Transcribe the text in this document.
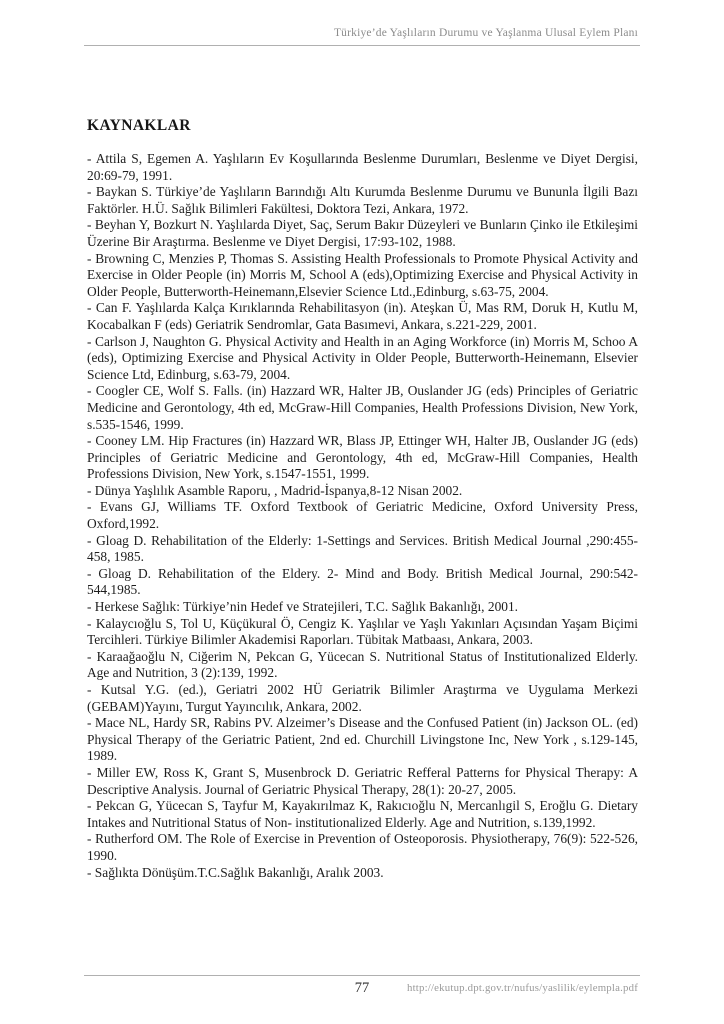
Türkiye’de Yaşlıların Durumu ve Yaşlanma Ulusal Eylem Planı
KAYNAKLAR

- Attila S, Egemen A. Yaşlıların Ev Koşullarında Beslenme Durumları, Beslenme ve Diyet Dergisi, 20:69-79, 1991.

- Baykan S. Türkiye’de Yaşlıların Barındığı Altı Kurumda Beslenme Durumu ve Bununla İlgili Bazı Faktörler. H.Ü. Sağlık Bilimleri Fakültesi, Doktora Tezi, Ankara, 1972.

- Beyhan Y, Bozkurt N. Yaşlılarda Diyet, Saç, Serum Bakır Düzeyleri ve Bunların Çinko ile Etkileşimi Üzerine Bir Araştırma. Beslenme ve Diyet Dergisi, 17:93-102, 1988.

- Browning C, Menzies P, Thomas S. Assisting Health Professionals to Promote Physical Activity and Exercise in Older People (in) Morris M, School A (eds),Optimizing Exercise and Physical Activity in Older People, Butterworth-Heinemann,Elsevier Science Ltd.,Edinburg, s.63-75, 2004.

- Can F. Yaşlılarda Kalça Kırıklarında Rehabilitasyon (in). Ateşkan Ü, Mas RM, Doruk H, Kutlu M, Kocabalkan F (eds) Geriatrik Sendromlar, Gata Basımevi, Ankara, s.221-229, 2001.

- Carlson J, Naughton G. Physical Activity and Health in an Aging Workforce (in) Morris M, Schoo A (eds), Optimizing Exercise and Physical Activity in Older People, Butterworth-Heinemann, Elsevier Science Ltd, Edinburg, s.63-79, 2004.

- Coogler CE, Wolf S. Falls. (in) Hazzard WR, Halter JB, Ouslander JG (eds) Principles of Geriatric Medicine and Gerontology, 4th ed, McGraw-Hill Companies, Health Professions Division, New York, s.535-1546, 1999.

- Cooney LM. Hip Fractures (in) Hazzard WR, Blass JP, Ettinger WH, Halter JB, Ouslander JG (eds) Principles of Geriatric Medicine and Gerontology, 4th ed, McGraw-Hill Companies, Health Professions Division, New York, s.1547-1551, 1999.

- Dünya Yaşlılık Asamble Raporu, , Madrid-İspanya,8-12 Nisan 2002.

- Evans GJ, Williams TF. Oxford Textbook of Geriatric Medicine, Oxford University Press, Oxford,1992.

- Gloag D. Rehabilitation of the Elderly: 1-Settings and Services. British Medical Journal ,290:455-458, 1985.

- Gloag D. Rehabilitation of the Eldery. 2- Mind and Body. British Medical Journal, 290:542-544,1985.

- Herkese Sağlık: Türkiye’nin Hedef ve Stratejileri, T.C. Sağlık Bakanlığı, 2001.

- Kalaycıoğlu S, Tol U, Küçükural Ö, Cengiz K. Yaşlılar ve Yaşlı Yakınları Açısından Yaşam Biçimi Tercihleri. Türkiye Bilimler Akademisi Raporları. Tübitak Matbaası, Ankara, 2003.

- Karaağaoğlu N, Ciğerim N, Pekcan G, Yücecan S. Nutritional Status of Institutionalized Elderly. Age and Nutrition, 3 (2):139, 1992.

- Kutsal Y.G. (ed.), Geriatri 2002 HÜ Geriatrik Bilimler Araştırma ve Uygulama Merkezi (GEBAM)Yayını, Turgut Yayıncılık, Ankara, 2002.

- Mace NL, Hardy SR, Rabins PV. Alzeimer’s Disease and the Confused Patient (in) Jackson OL. (ed) Physical Therapy of the Geriatric Patient, 2nd ed. Churchill Livingstone Inc, New York , s.129-145, 1989.

- Miller EW, Ross K, Grant S, Musenbrock D. Geriatric Refferal Patterns for Physical Therapy: A Descriptive Analysis. Journal of Geriatric Physical Therapy, 28(1): 20-27, 2005.

- Pekcan G, Yücecan S, Tayfur M, Kayakırılmaz K, Rakıcıoğlu N, Mercanlıgil S, Eroğlu G. Dietary Intakes and Nutritional Status of Non- institutionalized Elderly. Age and Nutrition, s.139,1992.

- Rutherford OM. The Role of Exercise in Prevention of Osteoporosis. Physiotherapy, 76(9): 522-526, 1990.

- Sağlıkta Dönüşüm.T.C.Sağlık Bakanlığı, Aralık 2003.

77	http://ekutup.dpt.gov.tr/nufus/yaslilik/eylempla.pdf
